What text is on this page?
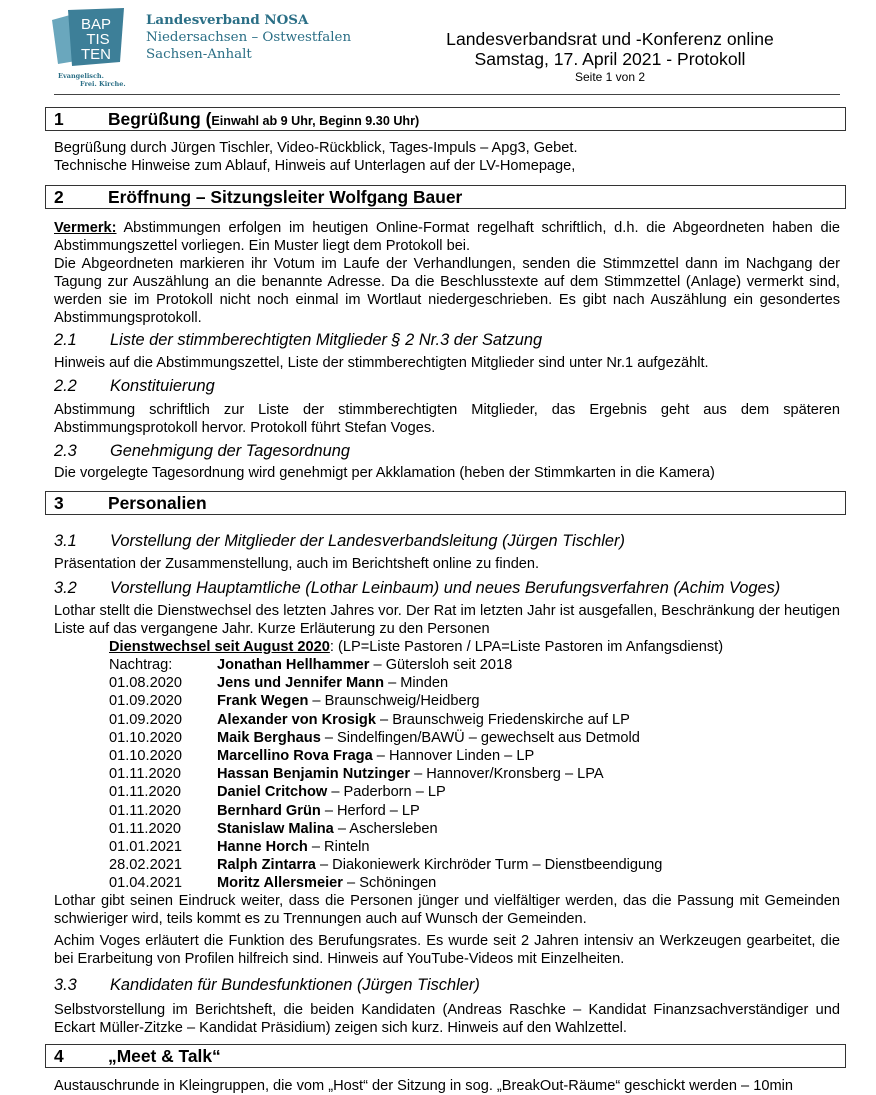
BAP
TIS
TEN
Evangelisch.
Frei. Kirche.
Landesverband NOSA
Niedersachsen – Ostwestfalen
Sachsen-Anhalt
Landesverbandsrat und -Konferenz online
Samstag, 17. April 2021 - Protokoll
Seite 1 von 2
1	Begrüßung (Einwahl ab 9 Uhr, Beginn 9.30 Uhr)
Begrüßung durch Jürgen Tischler, Video-Rückblick, Tages-Impuls – Apg3, Gebet.
Technische Hinweise zum Ablauf, Hinweis auf Unterlagen auf der LV-Homepage,
2	Eröffnung – Sitzungsleiter Wolfgang Bauer
Vermerk: Abstimmungen erfolgen im heutigen Online-Format regelhaft schriftlich, d.h. die Abgeordneten haben die Abstimmungszettel vorliegen. Ein Muster liegt dem Protokoll bei.
Die Abgeordneten markieren ihr Votum im Laufe der Verhandlungen, senden die Stimmzettel dann im Nachgang der Tagung zur Auszählung an die benannte Adresse. Da die Beschlusstexte auf dem Stimmzettel (Anlage) vermerkt sind, werden sie im Protokoll nicht noch einmal im Wortlaut niedergeschrieben. Es gibt nach Auszählung ein gesondertes Abstimmungsprotokoll.
2.1 Liste der stimmberechtigten Mitglieder § 2 Nr.3 der Satzung
Hinweis auf die Abstimmungszettel, Liste der stimmberechtigten Mitglieder sind unter Nr.1 aufgezählt.
2.2 Konstituierung
Abstimmung schriftlich zur Liste der stimmberechtigten Mitglieder, das Ergebnis geht aus dem späteren Abstimmungsprotokoll hervor. Protokoll führt Stefan Voges.
2.3 Genehmigung der Tagesordnung
Die vorgelegte Tagesordnung wird genehmigt per Akklamation (heben der Stimmkarten in die Kamera)
3	Personalien
3.1 Vorstellung der Mitglieder der Landesverbandsleitung (Jürgen Tischler)
Präsentation der Zusammenstellung, auch im Berichtsheft online zu finden.
3.2 Vorstellung Hauptamtliche (Lothar Leinbaum) und neues Berufungsverfahren (Achim Voges)
Lothar stellt die Dienstwechsel des letzten Jahres vor. Der Rat im letzten Jahr ist ausgefallen, Beschränkung der heutigen Liste auf das vergangene Jahr. Kurze Erläuterung zu den Personen
Dienstwechsel seit August 2020: (LP=Liste Pastoren / LPA=Liste Pastoren im Anfangsdienst)
Nachtrag:	Jonathan Hellhammer – Gütersloh seit 2018
01.08.2020 Jens und Jennifer Mann – Minden
01.09.2020 Frank Wegen – Braunschweig/Heidberg
01.09.2020 Alexander von Krosigk – Braunschweig Friedenskirche auf LP
01.10.2020 Maik Berghaus – Sindelfingen/BAWÜ – gewechselt aus Detmold
01.10.2020 Marcellino Rova Fraga – Hannover Linden – LP
01.11.2020 Hassan Benjamin Nutzinger – Hannover/Kronsberg – LPA
01.11.2020 Daniel Critchow – Paderborn – LP
01.11.2020 Bernhard Grün – Herford – LP
01.11.2020 Stanislaw Malina – Aschersleben
01.01.2021 Hanne Horch – Rinteln
28.02.2021 Ralph Zintarra – Diakoniewerk Kirchröder Turm – Dienstbeendigung
01.04.2021 Moritz Allersmeier – Schöningen
Lothar gibt seinen Eindruck weiter, dass die Personen jünger und vielfältiger werden, das die Passung mit Gemeinden schwieriger wird, teils kommt es zu Trennungen auch auf Wunsch der Gemeinden.
Achim Voges erläutert die Funktion des Berufungsrates. Es wurde seit 2 Jahren intensiv an Werkzeugen gearbeitet, die bei Erarbeitung von Profilen hilfreich sind. Hinweis auf YouTube-Videos mit Einzelheiten.
3.3 Kandidaten für Bundesfunktionen (Jürgen Tischler)
Selbstvorstellung im Berichtsheft, die beiden Kandidaten (Andreas Raschke – Kandidat Finanzsachverständiger und Eckart Müller-Zitzke – Kandidat Präsidium) zeigen sich kurz. Hinweis auf den Wahlzettel.
4	„Meet & Talk“
Austauschrunde in Kleingruppen, die vom „Host“ der Sitzung in sog. „BreakOut-Räume“ geschickt werden – 10min
